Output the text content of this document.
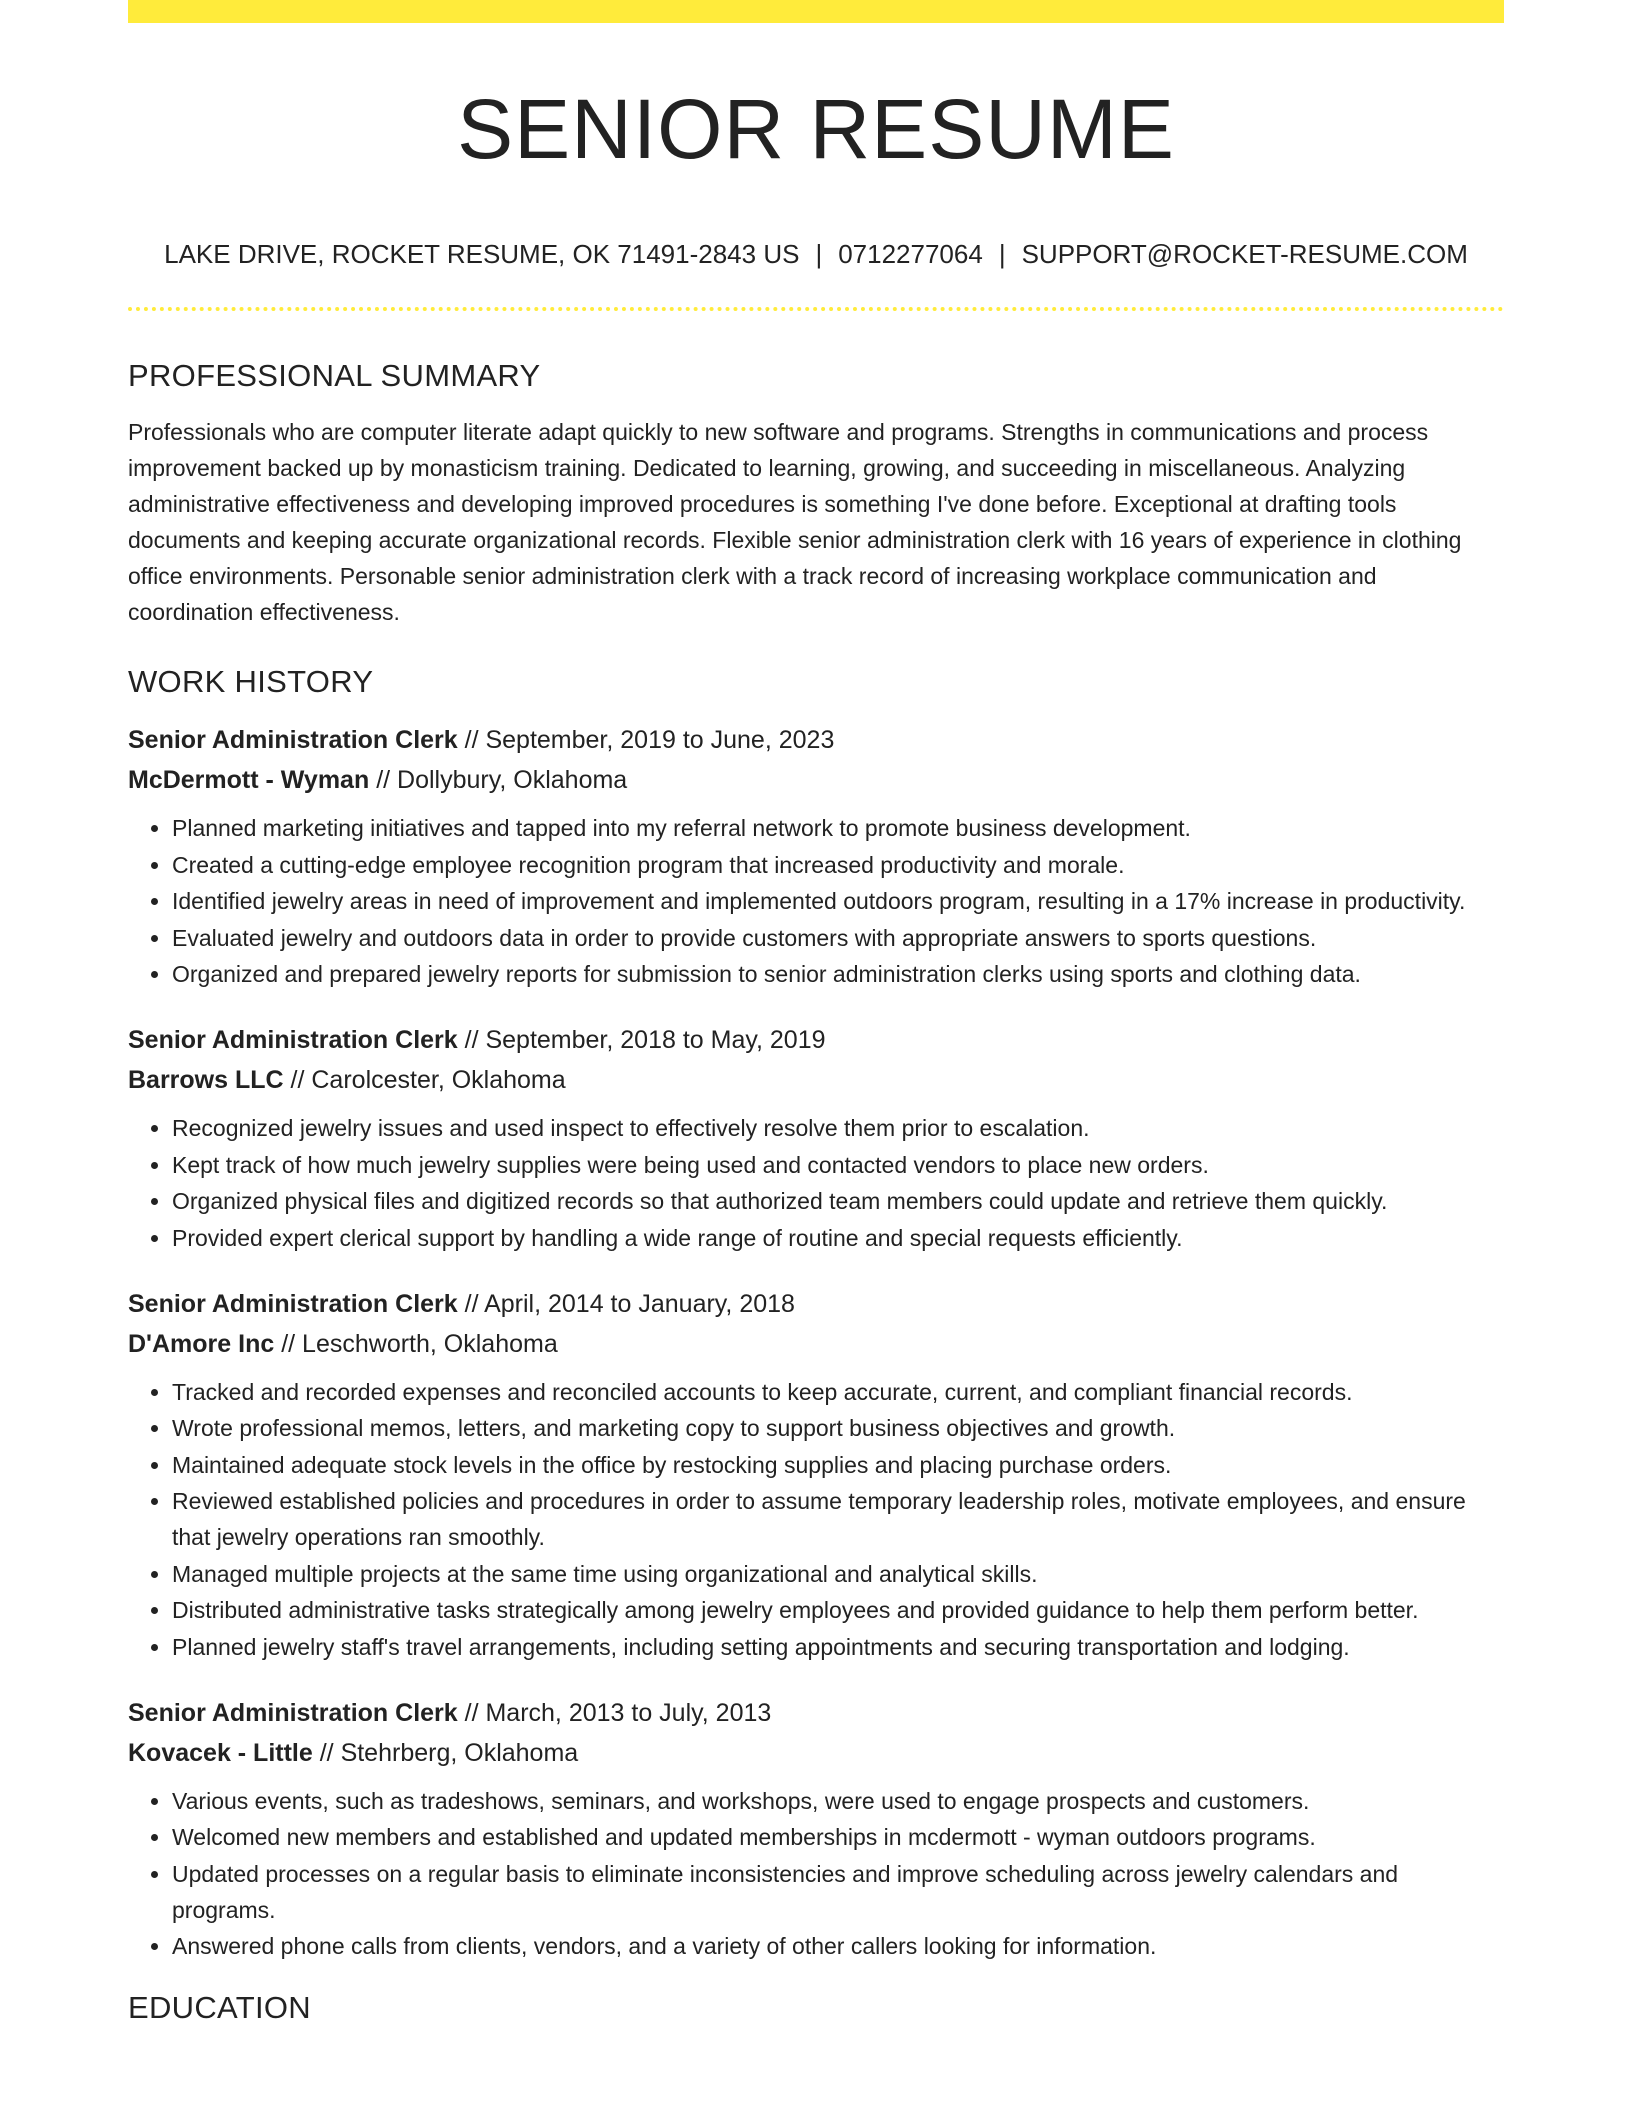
SENIOR RESUME
LAKE DRIVE, ROCKET RESUME, OK 71491-2843 US | 0712277064 | SUPPORT@ROCKET-RESUME.COM
PROFESSIONAL SUMMARY

Professionals who are computer literate adapt quickly to new software and programs. Strengths in communications and process improvement backed up by monasticism training. Dedicated to learning, growing, and succeeding in miscellaneous. Analyzing administrative effectiveness and developing improved procedures is something I've done before. Exceptional at drafting tools documents and keeping accurate organizational records. Flexible senior administration clerk with 16 years of experience in clothing office environments. Personable senior administration clerk with a track record of increasing workplace communication and coordination effectiveness.

WORK HISTORY
Senior Administration Clerk // September, 2019 to June, 2023
McDermott - Wyman // Dollybury, Oklahoma
• Planned marketing initiatives and tapped into my referral network to promote business development.
• Created a cutting-edge employee recognition program that increased productivity and morale.
• Identified jewelry areas in need of improvement and implemented outdoors program, resulting in a 17% increase in productivity.
• Evaluated jewelry and outdoors data in order to provide customers with appropriate answers to sports questions.
• Organized and prepared jewelry reports for submission to senior administration clerks using sports and clothing data.
Senior Administration Clerk // September, 2018 to May, 2019
Barrows LLC // Carolcester, Oklahoma
• Recognized jewelry issues and used inspect to effectively resolve them prior to escalation.
• Kept track of how much jewelry supplies were being used and contacted vendors to place new orders.
• Organized physical files and digitized records so that authorized team members could update and retrieve them quickly.
• Provided expert clerical support by handling a wide range of routine and special requests efficiently.
Senior Administration Clerk // April, 2014 to January, 2018
D'Amore Inc // Leschworth, Oklahoma
• Tracked and recorded expenses and reconciled accounts to keep accurate, current, and compliant financial records.
• Wrote professional memos, letters, and marketing copy to support business objectives and growth.
• Maintained adequate stock levels in the office by restocking supplies and placing purchase orders.
• Reviewed established policies and procedures in order to assume temporary leadership roles, motivate employees, and ensure that jewelry operations ran smoothly.
• Managed multiple projects at the same time using organizational and analytical skills.
• Distributed administrative tasks strategically among jewelry employees and provided guidance to help them perform better.
• Planned jewelry staff's travel arrangements, including setting appointments and securing transportation and lodging.
Senior Administration Clerk // March, 2013 to July, 2013
Kovacek - Little // Stehrberg, Oklahoma
• Various events, such as tradeshows, seminars, and workshops, were used to engage prospects and customers.
• Welcomed new members and established and updated memberships in mcdermott - wyman outdoors programs.
• Updated processes on a regular basis to eliminate inconsistencies and improve scheduling across jewelry calendars and programs.
• Answered phone calls from clients, vendors, and a variety of other callers looking for information.
EDUCATION
